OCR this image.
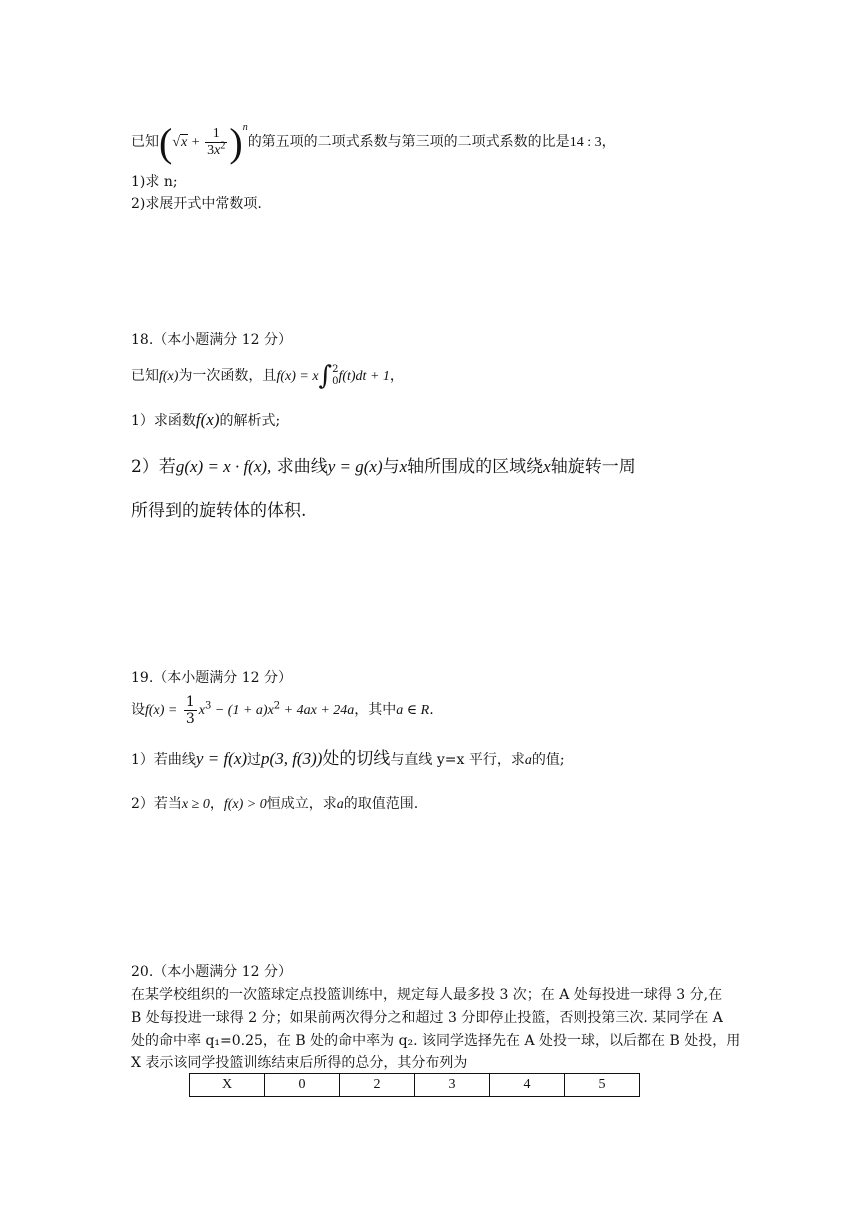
已知$(√x + \frac{1}{3x^2} )^n$的第五项的二项式系数与第三项的二项式系数的比是14 : 3，
1)求 n;
2)求展开式中常数项.
18.（本小题满分 12 分）
已知f(x)为一次函数，且f(x) = x∫ 2
0 f(t)dt + 1，
1）求函数f(x)的解析式;
2）若g(x) = x · f(x), 求曲线y = g(x)与x轴所围成的区域绕x轴旋转一周
所得到的旋转体的体积.
19.（本小题满分 12 分）
设$f(x) = \frac{1}{3} x^3 - (1 + a)x^2 + 4ax + 24a$，其中a ∈ R.
1）若曲线y = f(x)过p(3, f(3))处的切线与直线 y=x 平行，求a的值;
2）若当x ≥ 0，f(x) > 0恒成立，求a的取值范围.
20.（本小题满分 12 分）
在某学校组织的一次篮球定点投篮训练中，规定每人最多投 3 次；在 A 处每投进一球得 3 分,在
B 处每投进一球得 2 分；如果前两次得分之和超过 3 分即停止投篮，否则投第三次. 某同学在 A
处的命中率 q₁=0.25，在 B 处的命中率为 q₂. 该同学选择先在 A 处投一球，以后都在 B 处投，用
X 表示该同学投篮训练结束后所得的总分，其分布列为
X	0	2	3	4	5
